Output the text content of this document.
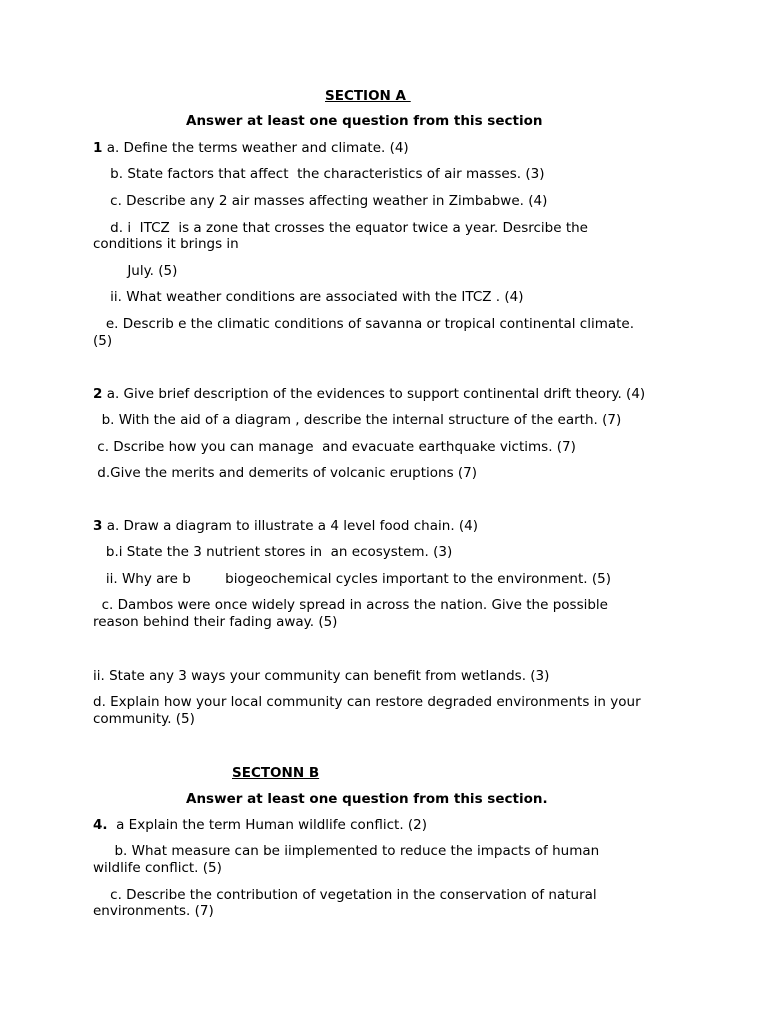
SECTION A

Answer at least one question from this section

1 a. Define the terms weather and climate. (4)

b. State factors that affect  the characteristics of air masses. (3)

c. Describe any 2 air masses affecting weather in Zimbabwe. (4)

d. i  ITCZ  is a zone that crosses the equator twice a year. Desrcibe the

conditions it brings in

July. (5)

ii. What weather conditions are associated with the ITCZ . (4)

e. Describ e the climatic conditions of savanna or tropical continental climate.

(5)

2 a. Give brief description of the evidences to support continental drift theory. (4)

b. With the aid of a diagram , describe the internal structure of the earth. (7)

c. Dscribe how you can manage  and evacuate earthquake victims. (7)

d.Give the merits and demerits of volcanic eruptions (7)

3 a. Draw a diagram to illustrate a 4 level food chain. (4)

b.i State the 3 nutrient stores in  an ecosystem. (3)

ii. Why are b        biogeochemical cycles important to the environment. (5)

c. Dambos were once widely spread in across the nation. Give the possible

reason behind their fading away. (5)

ii. State any 3 ways your community can benefit from wetlands. (3)

d. Explain how your local community can restore degraded environments in your

community. (5)

SECTONN B

Answer at least one question from this section.

4.  a Explain the term Human wildlife conflict. (2)

b. What measure can be iimplemented to reduce the impacts of human

wildlife conflict. (5)

c. Describe the contribution of vegetation in the conservation of natural

environments. (7)
